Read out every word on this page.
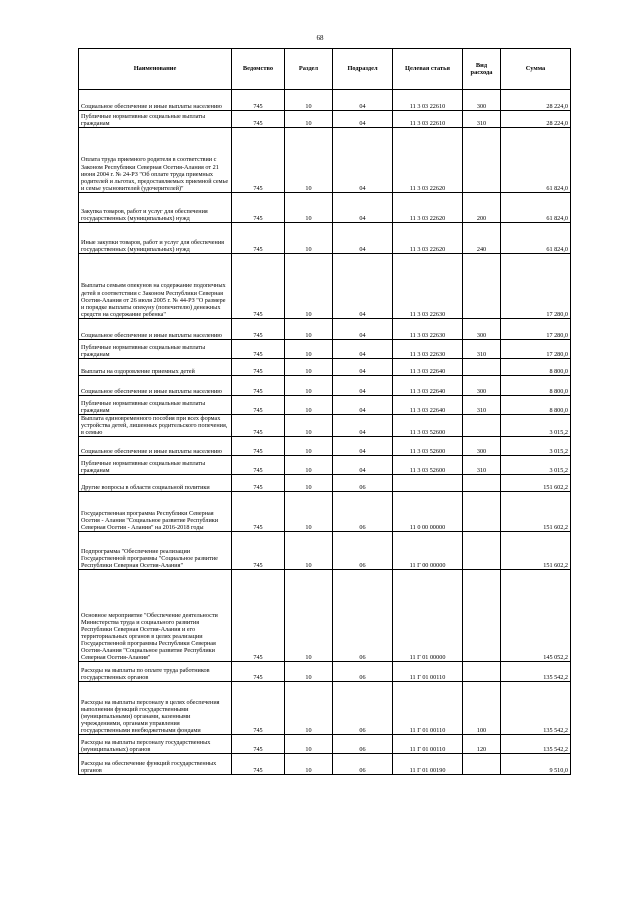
68
Наименование	Ведомство	Раздел	Подраздел	Целевая статья	Вид расхода	Сумма
Социальное обеспечение и иные выплаты населению	745	10	04	11 3 03 22610	300	28 224,0
Публичные нормативные социальные выплаты гражданам	745	10	04	11 3 03 22610	310	28 224,0
Оплата труда приемного родителя в соответствии с Законом Республики Северная Осетия-Алания от 21 июня 2004 г. № 24-РЗ "Об оплате труда приемных родителей и льготах, предоставляемых приемной семье и семье усыновителей (удочерителей)"	745	10	04	11 3 03 22620		61 824,0
Закупка товаров, работ и услуг для обеспечения государственных (муниципальных) нужд	745	10	04	11 3 03 22620	200	61 824,0
Иные закупки товаров, работ и услуг для обеспечения государственных (муниципальных) нужд	745	10	04	11 3 03 22620	240	61 824,0
Выплаты семьям опекунов на содержание подопечных детей в соответствии с Законом Республики Северная Осетия-Алания от 26 июля 2005 г. № 44-РЗ "О размере и порядке выплаты опекуну (попечителю) денежных средств на содержание ребенка"	745	10	04	11 3 03 22630		17 280,0
Социальное обеспечение и иные выплаты населению	745	10	04	11 3 03 22630	300	17 280,0
Публичные нормативные социальные выплаты гражданам	745	10	04	11 3 03 22630	310	17 280,0
Выплаты на оздоровление приемных детей	745	10	04	11 3 03 22640		8 800,0
Социальное обеспечение и иные выплаты населению	745	10	04	11 3 03 22640	300	8 800,0
Публичные нормативные социальные выплаты гражданам	745	10	04	11 3 03 22640	310	8 800,0
Выплата единовременного пособия при всех формах устройства детей, лишенных родительского попечения, в семью	745	10	04	11 3 03 52600		3 015,2
Социальное обеспечение и иные выплаты населению	745	10	04	11 3 03 52600	300	3 015,2
Публичные нормативные социальные выплаты гражданам	745	10	04	11 3 03 52600	310	3 015,2
Другие вопросы в области социальной политики	745	10	06			151 602,2
Государственная программа Республики Северная Осетия - Алания "Социальное развитие Республики Северная Осетия - Алания" на 2016-2018 годы	745	10	06	11 0 00 00000		151 602,2
Подпрограмма "Обеспечение реализации Государственной программы "Социальное развитие Республики Северная Осетия-Алания"	745	10	06	11 Г 00 00000		151 602,2
Основное мероприятие "Обеспечение деятельности Министерства труда и социального развития Республики Северная Осетия-Алания и его территориальных органов в целях реализации Государственной программы Республики Северная Осетия-Алания "Социальное развитие Республики Северная Осетия-Алания"	745	10	06	11 Г 01 00000		145 052,2
Расходы на выплаты по оплате труда работников государственных органов	745	10	06	11 Г 01 00110		135 542,2
Расходы на выплаты персоналу в целях обеспечения выполнения функций государственными (муниципальными) органами, казенными учреждениями, органами управления государственными внебюджетными фондами	745	10	06	11 Г 01 00110	100	135 542,2
Расходы на выплаты персоналу государственных (муниципальных) органов	745	10	06	11 Г 01 00110	120	135 542,2
Расходы на обеспечение функций государственных органов	745	10	06	11 Г 01 00190		9 510,0
